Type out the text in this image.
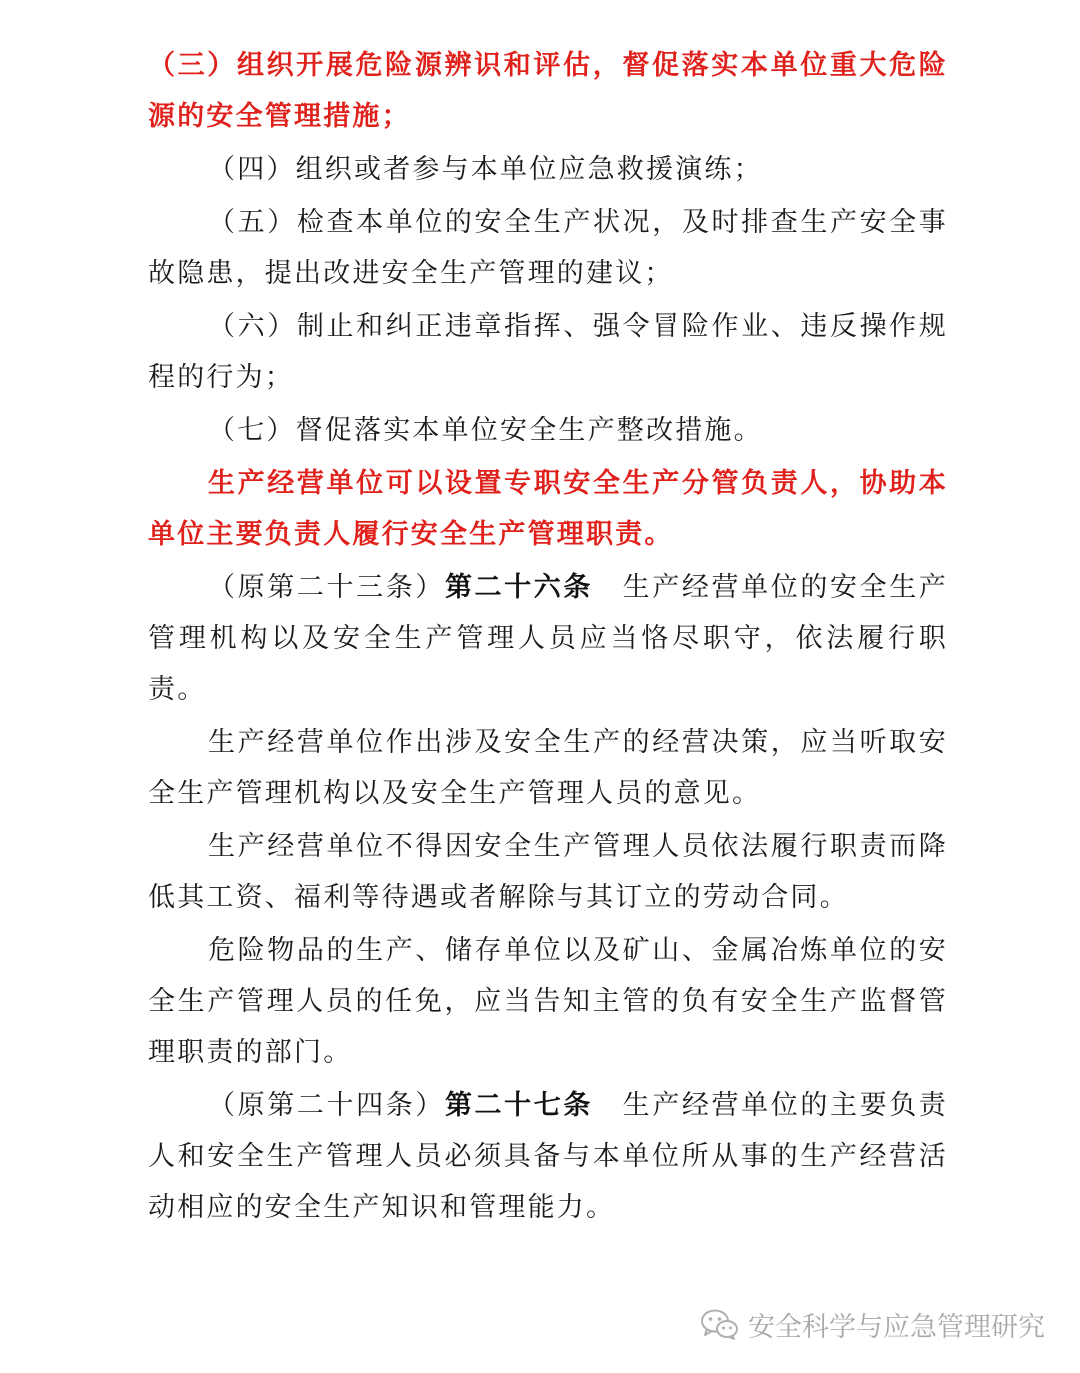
（三）组织开展危险源辨识和评估，督促落实本单位重大危险源的安全管理措施；

（四）组织或者参与本单位应急救援演练；

（五）检查本单位的安全生产状况，及时排查生产安全事故隐患，提出改进安全生产管理的建议；

（六）制止和纠正违章指挥、强令冒险作业、违反操作规程的行为；

（七）督促落实本单位安全生产整改措施。

生产经营单位可以设置专职安全生产分管负责人，协助本单位主要负责人履行安全生产管理职责。

（原第二十三条）第二十六条　生产经营单位的安全生产管理机构以及安全生产管理人员应当恪尽职守，依法履行职责。

生产经营单位作出涉及安全生产的经营决策，应当听取安全生产管理机构以及安全生产管理人员的意见。

生产经营单位不得因安全生产管理人员依法履行职责而降低其工资、福利等待遇或者解除与其订立的劳动合同。

危险物品的生产、储存单位以及矿山、金属冶炼单位的安全生产管理人员的任免，应当告知主管的负有安全生产监督管理职责的部门。

（原第二十四条）第二十七条　生产经营单位的主要负责人和安全生产管理人员必须具备与本单位所从事的生产经营活动相应的安全生产知识和管理能力。

安全科学与应急管理研究
